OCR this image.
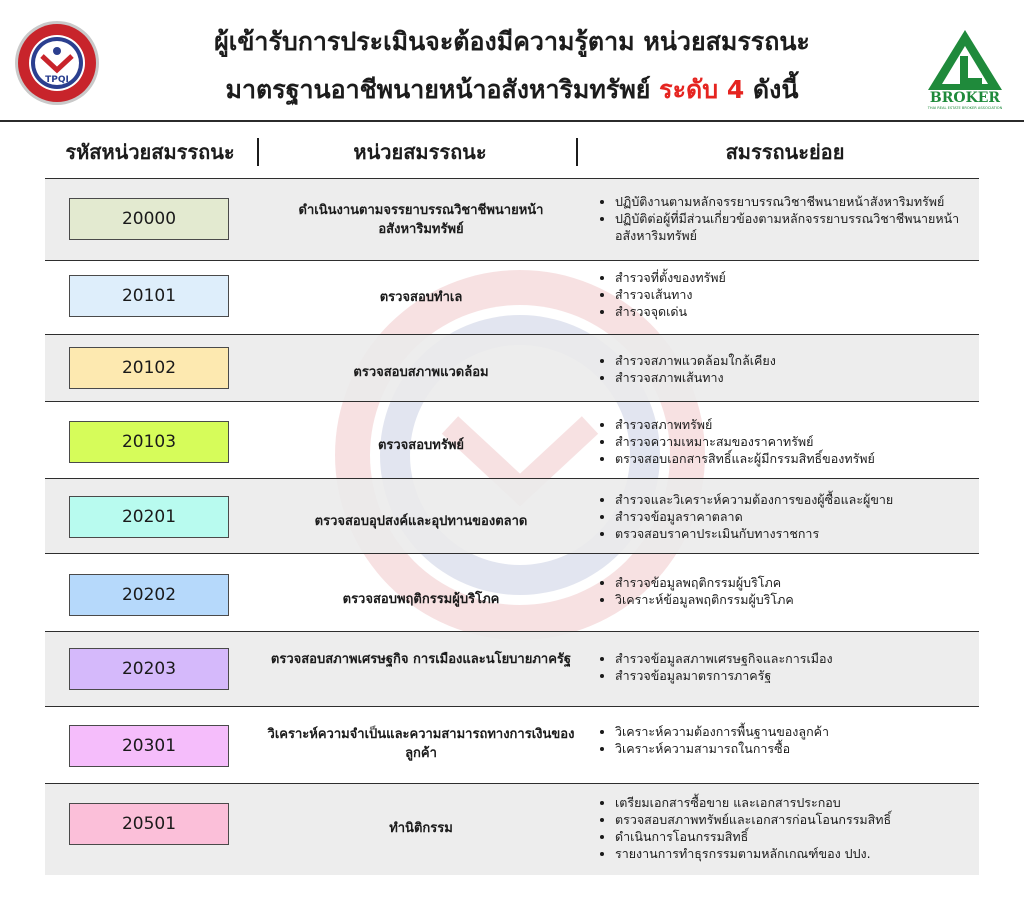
TPQI
ผู้เข้ารับการประเมินจะต้องมีความรู้ตาม หน่วยสมรรถนะ
มาตรฐานอาชีพนายหน้าอสังหาริมทรัพย์ ระดับ 4 ดังนี้	BROKER
THAI REAL ESTATE BROKER ASSOCIATION
รหัสหน่วยสมรรถนะ	หน่วยสมรรถนะ	สมรรถนะย่อย
20000	ดำเนินงานตามจรรยาบรรณวิชาชีพนายหน้าอสังหาริมทรัพย์
• ปฏิบัติงานตามหลักจรรยาบรรณวิชาชีพนายหน้าสังหาริมทรัพย์
• ปฏิบัติต่อผู้ที่มีส่วนเกี่ยวข้องตามหลักจรรยาบรรณวิชาชีพนายหน้าอสังหาริมทรัพย์
20101	ตรวจสอบทำเล
• สำรวจที่ตั้งของทรัพย์
• สำรวจเส้นทาง
• สำรวจจุดเด่น
20102	ตรวจสอบสภาพแวดล้อม
• สำรวจสภาพแวดล้อมใกล้เคียง
• สำรวจสภาพเส้นทาง
20103	ตรวจสอบทรัพย์
• สำรวจสภาพทรัพย์
• สำรวจความเหมาะสมของราคาทรัพย์
• ตรวจสอบเอกสารสิทธิ์และผู้มีกรรมสิทธิ์ของทรัพย์
20201	ตรวจสอบอุปสงค์และอุปทานของตลาด
• สำรวจและวิเคราะห์ความต้องการของผู้ซื้อและผู้ขาย
• สำรวจข้อมูลราคาตลาด
• ตรวจสอบราคาประเมินกับทางราชการ
20202	ตรวจสอบพฤติกรรมผู้บริโภค
• สำรวจข้อมูลพฤติกรรมผู้บริโภค
• วิเคราะห์ข้อมูลพฤติกรรมผู้บริโภค
20203	ตรวจสอบสภาพเศรษฐกิจ การเมืองและนโยบายภาครัฐ
•	สำรวจข้อมูลสภาพเศรษฐกิจและการเมือง
• สำรวจข้อมูลมาตรการภาครัฐ
20301
วิเคราะห์ความจำเป็นและความสามารถทางการเงินของลูกค้า
• วิเคราะห์ความต้องการพื้นฐานของลูกค้า
• วิเคราะห์ความสามารถในการซื้อ
20501	ทำนิติกรรม
• เตรียมเอกสารซื้อขาย และเอกสารประกอบ
• ตรวจสอบสภาพทรัพย์และเอกสารก่อนโอนกรรมสิทธิ์
• ดำเนินการโอนกรรมสิทธิ์
• รายงานการทำธุรกรรมตามหลักเกณฑ์ของ ปปง.
